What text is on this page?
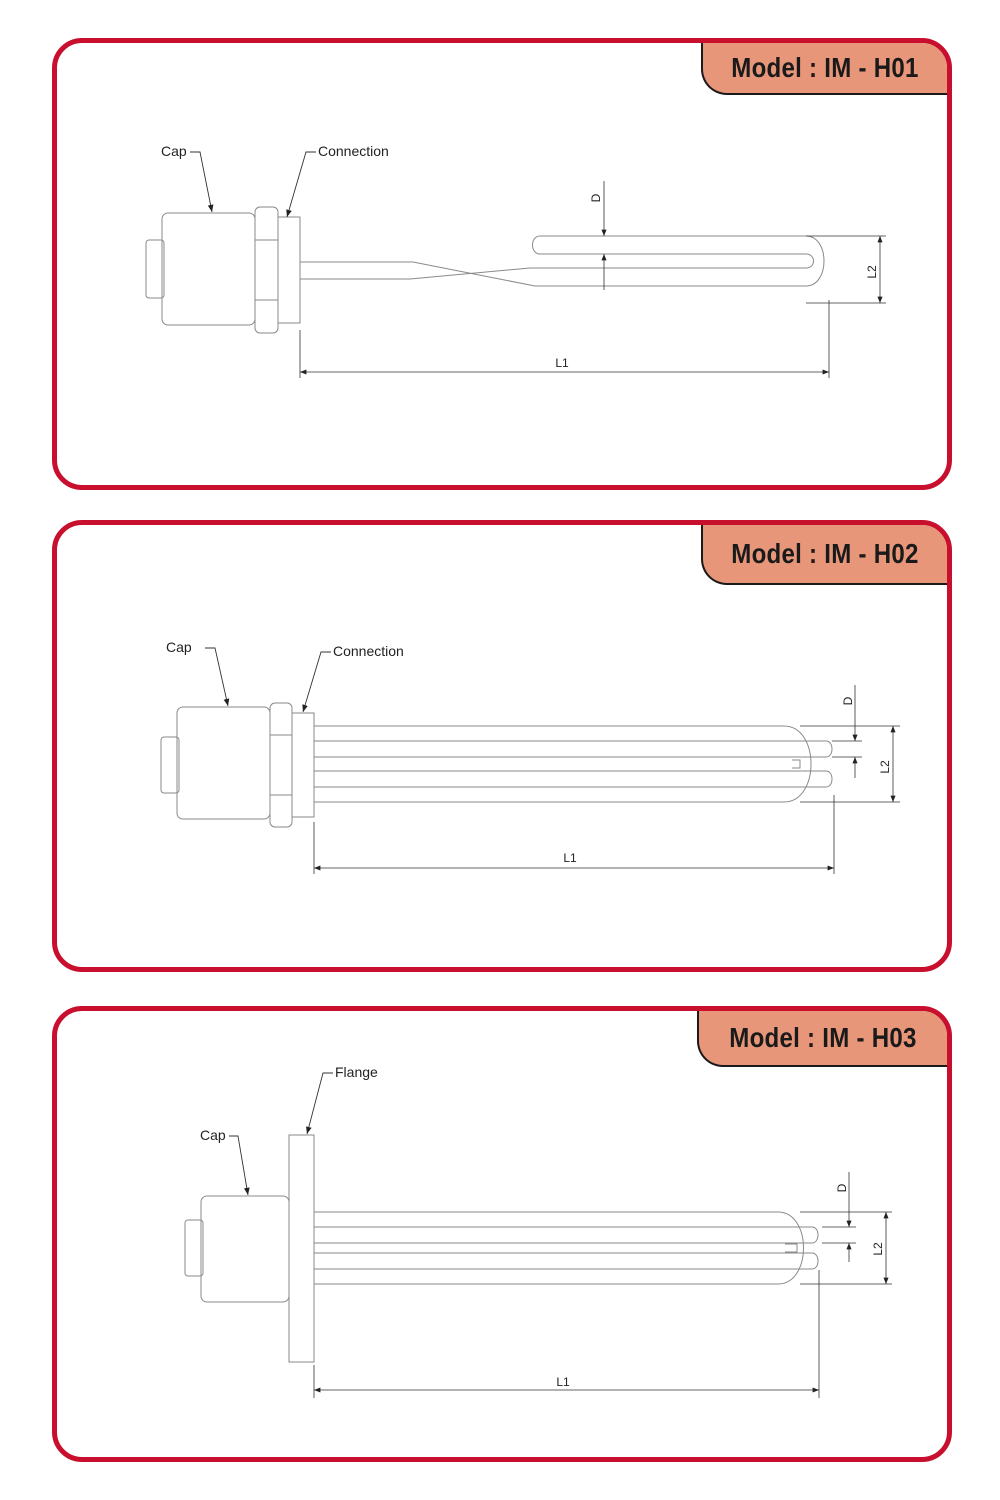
Model : IM - H01
D
L2
L1
Cap	Connection
Model : IM - H02
D
L2
L1
Cap	Connection
Model : IM - H03
D
L2
L1
Cap
Flange
